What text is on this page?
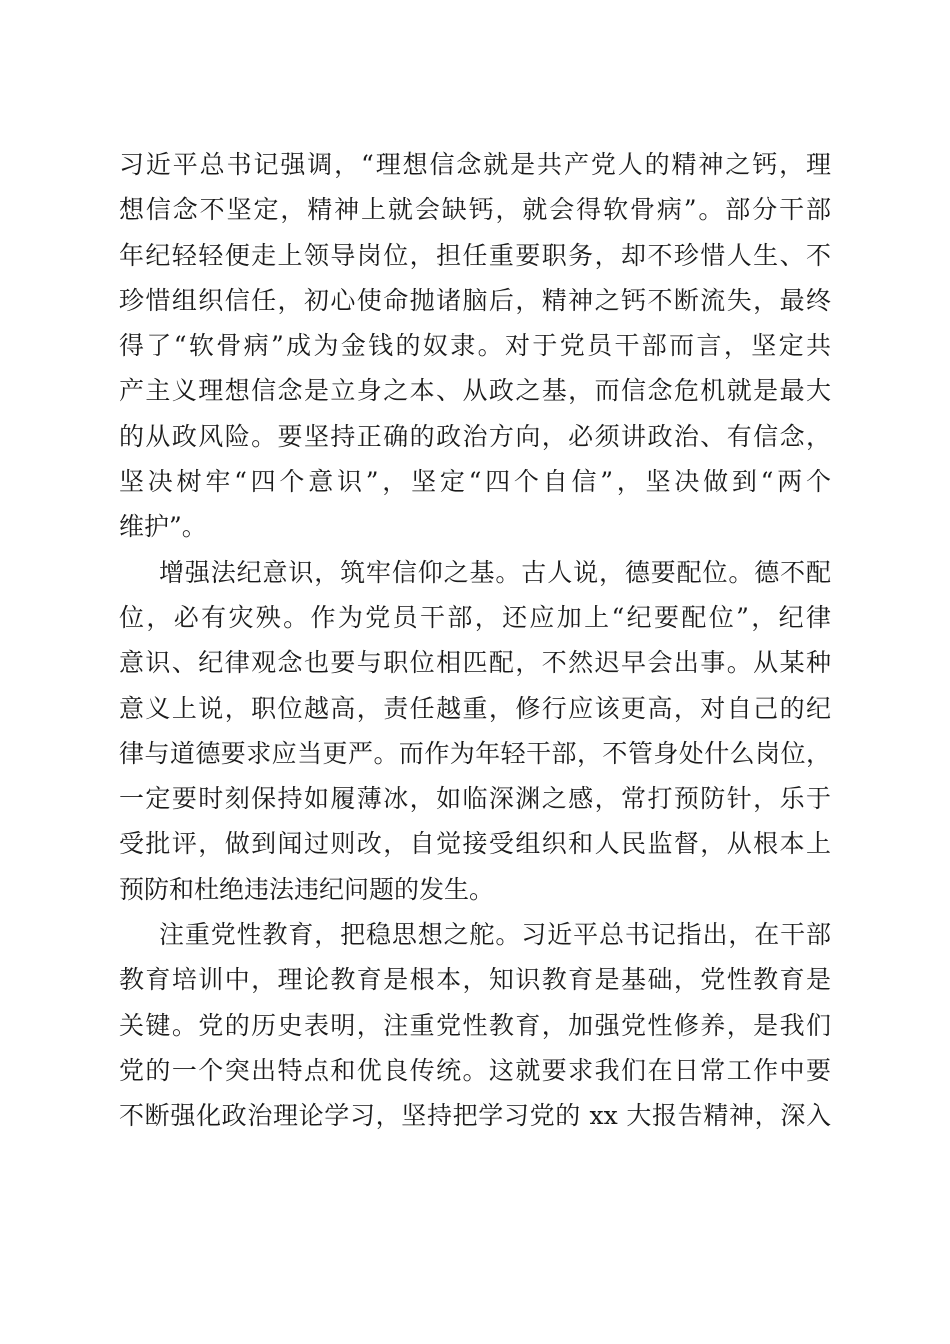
习近平总书记强调，“理想信念就是共产党人的精神之钙，理
想信念不坚定，精神上就会缺钙，就会得软骨病”。部分干部
年纪轻轻便走上领导岗位，担任重要职务，却不珍惜人生、不
珍惜组织信任，初心使命抛诸脑后，精神之钙不断流失，最终
得了“软骨病”成为金钱的奴隶。对于党员干部而言，坚定共
产主义理想信念是立身之本、从政之基，而信念危机就是最大
的从政风险。要坚持正确的政治方向，必须讲政治、有信念，
坚决树牢“四个意识”，坚定“四个自信”，坚决做到“两个
维护”。
增强法纪意识，筑牢信仰之基。古人说，德要配位。德不配
位，必有灾殃。作为党员干部，还应加上“纪要配位”，纪律
意识、纪律观念也要与职位相匹配，不然迟早会出事。从某种
意义上说，职位越高，责任越重，修行应该更高，对自己的纪
律与道德要求应当更严。而作为年轻干部，不管身处什么岗位，
一定要时刻保持如履薄冰，如临深渊之感，常打预防针，乐于
受批评，做到闻过则改，自觉接受组织和人民监督，从根本上
预防和杜绝违法违纪问题的发生。
注重党性教育，把稳思想之舵。习近平总书记指出，在干部
教育培训中，理论教育是根本，知识教育是基础，党性教育是
关键。党的历史表明，注重党性教育，加强党性修养，是我们
党的一个突出特点和优良传统。这就要求我们在日常工作中要
不断强化政治理论学习，坚持把学习党的 xx 大报告精神，深入
